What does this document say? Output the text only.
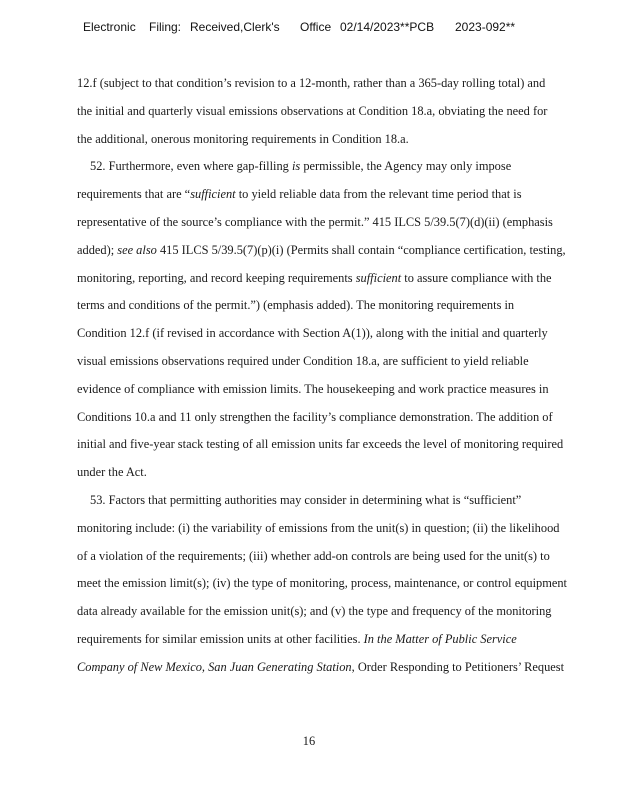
Electronic Filing: Received,Clerk's Office 02/14/2023**PCB 2023-092**
12.f (subject to that condition’s revision to a 12-month, rather than a 365-day rolling total) and
the initial and quarterly visual emissions observations at Condition 18.a, obviating the need for
the additional, onerous monitoring requirements in Condition 18.a.
52. Furthermore, even where gap-filling is permissible, the Agency may only impose
requirements that are “sufficient to yield reliable data from the relevant time period that is
representative of the source’s compliance with the permit.” 415 ILCS 5/39.5(7)(d)(ii) (emphasis
added); see also 415 ILCS 5/39.5(7)(p)(i) (Permits shall contain “compliance certification, testing,
monitoring, reporting, and record keeping requirements sufficient to assure compliance with the
terms and conditions of the permit.”) (emphasis added). The monitoring requirements in
Condition 12.f (if revised in accordance with Section A(1)), along with the initial and quarterly
visual emissions observations required under Condition 18.a, are sufficient to yield reliable
evidence of compliance with emission limits. The housekeeping and work practice measures in
Conditions 10.a and 11 only strengthen the facility’s compliance demonstration. The addition of
initial and five-year stack testing of all emission units far exceeds the level of monitoring required
under the Act.
53. Factors that permitting authorities may consider in determining what is “sufficient”
monitoring include: (i) the variability of emissions from the unit(s) in question; (ii) the likelihood
of a violation of the requirements; (iii) whether add-on controls are being used for the unit(s) to
meet the emission limit(s); (iv) the type of monitoring, process, maintenance, or control equipment
data already available for the emission unit(s); and (v) the type and frequency of the monitoring
requirements for similar emission units at other facilities. In the Matter of Public Service
Company of New Mexico, San Juan Generating Station, Order Responding to Petitioners’ Request
16
